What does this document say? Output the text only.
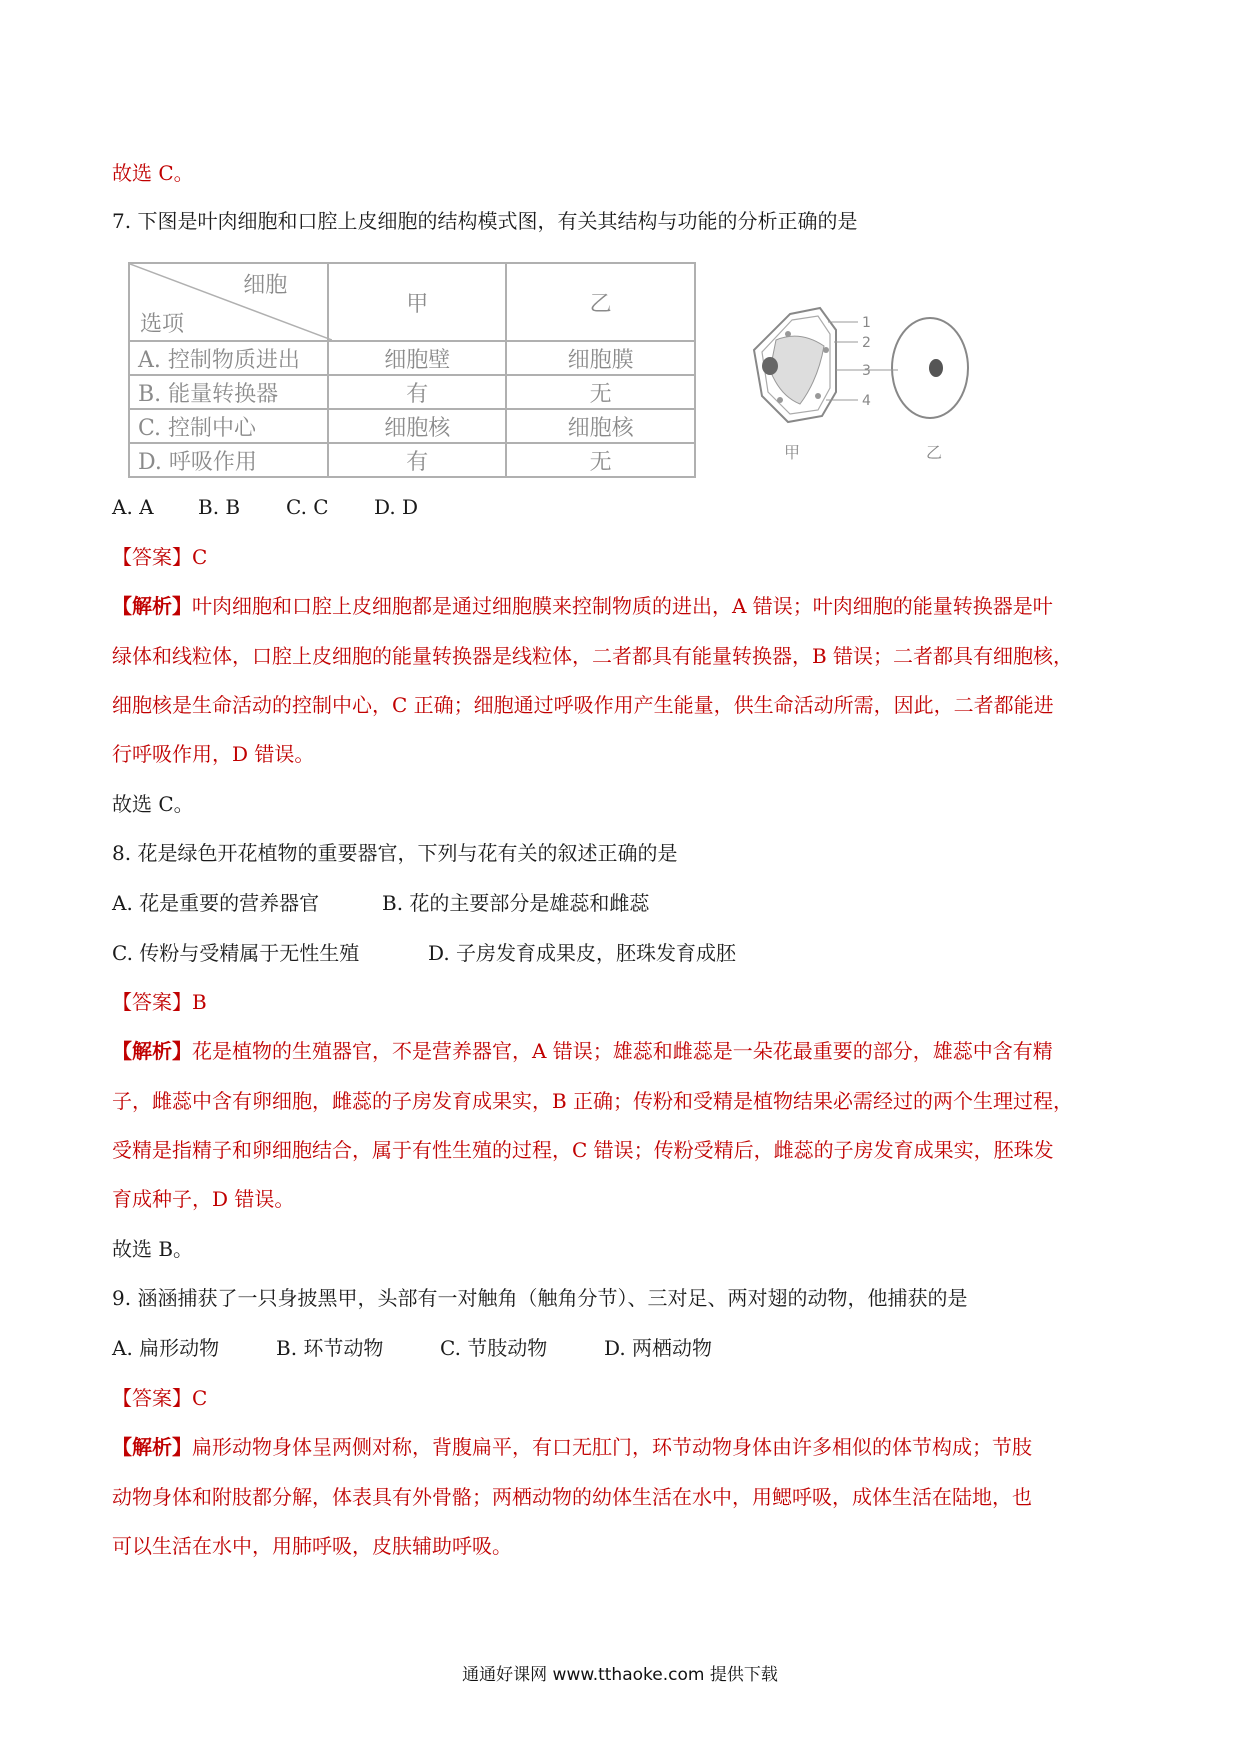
故选 C。
7. 下图是叶肉细胞和口腔上皮细胞的结构模式图，有关其结构与功能的分析正确的是
细胞
选项	甲	乙
A. 控制物质进出	细胞壁	细胞膜
B. 能量转换器	有	无
C. 控制中心	细胞核	细胞核
D. 呼吸作用	有	无
1
2
3
4
甲	乙
A. A B. B C. C D. D
【答案】C
【解析】叶肉细胞和口腔上皮细胞都是通过细胞膜来控制物质的进出，A 错误；叶肉细胞的能量转换器是叶
绿体和线粒体，口腔上皮细胞的能量转换器是线粒体，二者都具有能量转换器，B 错误；二者都具有细胞核，
细胞核是生命活动的控制中心，C 正确；细胞通过呼吸作用产生能量，供生命活动所需，因此，二者都能进
行呼吸作用，D 错误。
故选 C。
8. 花是绿色开花植物的重要器官，下列与花有关的叙述正确的是
A. 花是重要的营养器官	B. 花的主要部分是雄蕊和雌蕊
C. 传粉与受精属于无性生殖	D. 子房发育成果皮，胚珠发育成胚
【答案】B
【解析】花是植物的生殖器官，不是营养器官，A 错误；雄蕊和雌蕊是一朵花最重要的部分，雄蕊中含有精
子，雌蕊中含有卵细胞，雌蕊的子房发育成果实，B 正确；传粉和受精是植物结果必需经过的两个生理过程，
受精是指精子和卵细胞结合，属于有性生殖的过程，C 错误；传粉受精后，雌蕊的子房发育成果实，胚珠发
育成种子，D 错误。
故选 B。
9. 涵涵捕获了一只身披黑甲，头部有一对触角（触角分节）、三对足、两对翅的动物，他捕获的是
A. 扁形动物	B. 环节动物	C. 节肢动物	D. 两栖动物
【答案】C
【解析】扁形动物身体呈两侧对称，背腹扁平，有口无肛门，环节动物身体由许多相似的体节构成；节肢
动物身体和附肢都分解，体表具有外骨骼；两栖动物的幼体生活在水中，用鳃呼吸，成体生活在陆地，也
可以生活在水中，用肺呼吸，皮肤辅助呼吸。
通通好课网 www.tthaoke.com 提供下载
